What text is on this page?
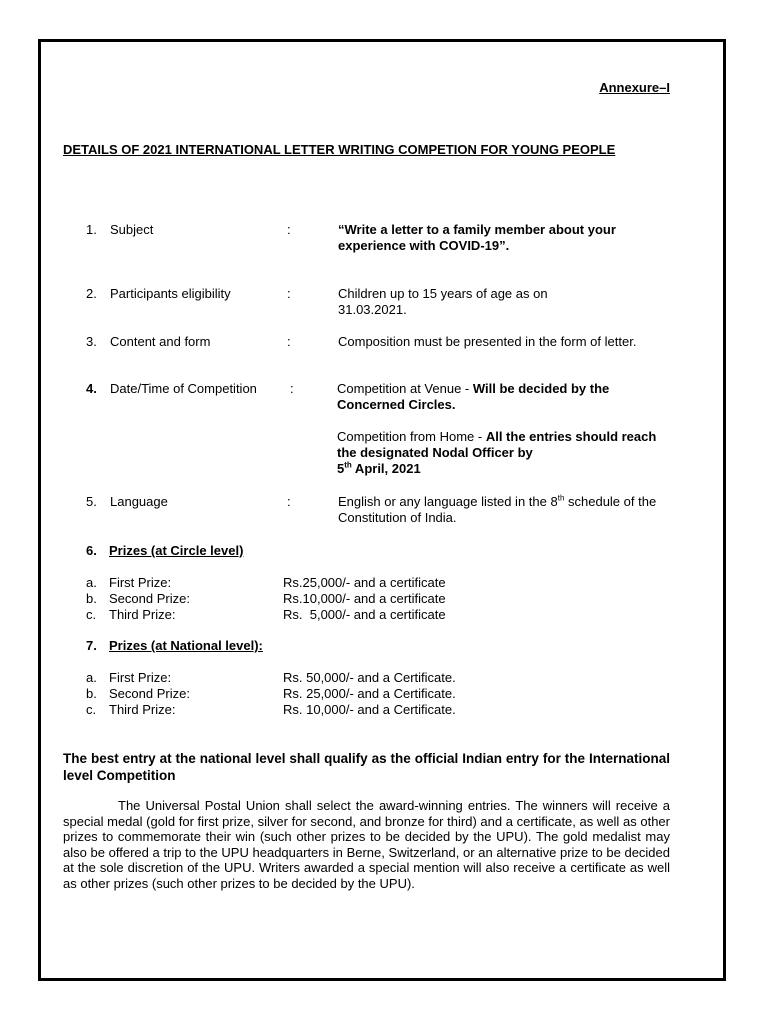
Annexure–I
DETAILS OF 2021 INTERNATIONAL LETTER WRITING COMPETION FOR YOUNG PEOPLE
1. Subject	:	“Write a letter to a family member about your experience with COVID-19”.
2. Participants eligibility	:	Children up to 15 years of age as on 31.03.2021.
3. Content and form	:	Composition must be presented in the form of letter.
4. Date/Time of Competition	:	Competition at Venue - Will be decided by the Concerned Circles.
Competition from Home - All the entries should reach the designated Nodal Officer by
5th April, 2021
5. Language	:	English or any language listed in the 8th schedule of the Constitution of India.
6. Prizes (at Circle level)
a. First Prize:	Rs.25,000/- and a certificate
b. Second Prize:	Rs.10,000/- and a certificate
c. Third Prize:	Rs.  5,000/- and a certificate
7. Prizes (at National level):
a. First Prize:	Rs. 50,000/- and a Certificate.
b. Second Prize:	Rs. 25,000/- and a Certificate.
c. Third Prize:	Rs. 10,000/- and a Certificate.
The best entry at the national level shall qualify as the official Indian entry for the International level Competition
The Universal Postal Union shall select the award-winning entries. The winners will receive a special medal (gold for first prize, silver for second, and bronze for third) and a certificate, as well as other prizes to commemorate their win (such other prizes to be decided by the UPU). The gold medalist may also be offered a trip to the UPU headquarters in Berne, Switzerland, or an alternative prize to be decided at the sole discretion of the UPU. Writers awarded a special mention will also receive a certificate as well as other prizes (such other prizes to be decided by the UPU).
